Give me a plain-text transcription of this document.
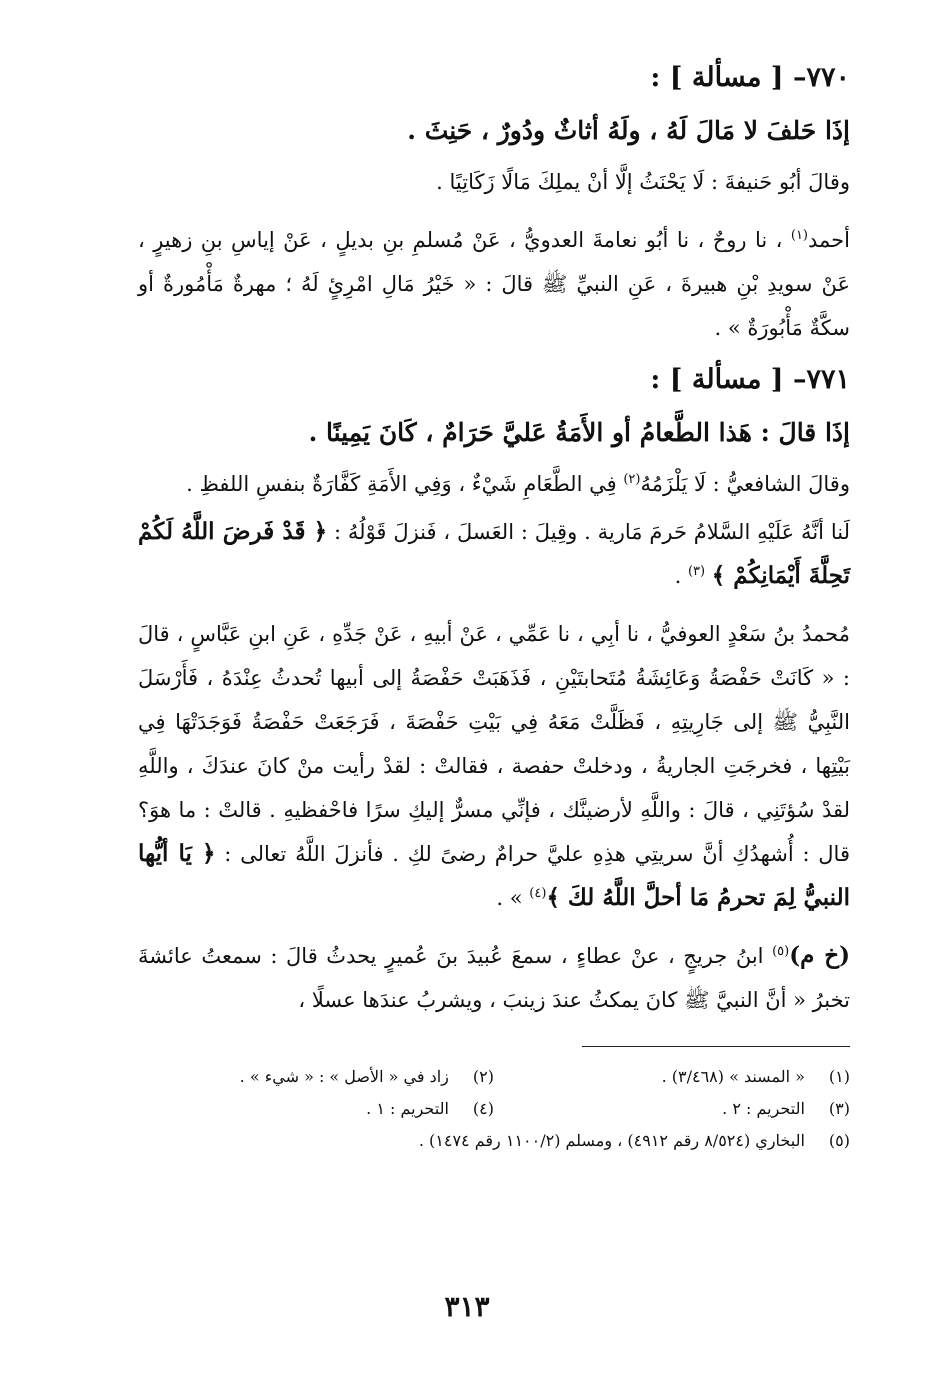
٧٧٠– [ مسألة ] :
إذَا حَلفَ لا مَالَ لَهُ ، ولَهُ أثاثٌ ودُورٌ ، حَنِثَ .
وقالَ أبُو حَنيفةَ : لَا يَحْنَثُ إلَّا أنْ يملِكَ مَالًا زَكَاتِيًا .
أحمد$^{(١)}$ ، نا روحٌ ، نا أبُو نعامةَ العدويُّ ، عَنْ مُسلمِ بنِ بديلٍ ، عَنْ إياسِ بنِ زهيرٍ ، عَنْ سويدِ بْنِ هبيرةَ ، عَنِ النبيِّ ﷺ قالَ : « خَيْرُ مَالِ امْرِئٍ لَهُ ؛ مهرةٌ مَأْمُورةٌ أو سكَّةٌ مَأْبُورَةٌ » .
٧٧١– [ مسألة ] :
إذَا قالَ : هَذا الطَّعامُ أو الأَمَةُ عَليَّ حَرَامٌ ، كَانَ يَمِينًا .
وقالَ الشافعيُّ : لَا يَلْزَمُهُ$^{(٢)}$ فِي الطَّعَامِ شَيْءٌ ، وَفِي الأَمَةِ كَفَّارَةٌ بنفسِ اللفظِ .
لَنا أنَّهُ عَلَيْهِ السَّلامُ حَرمَ مَارية . وقِيلَ : العَسلَ ، فَنزلَ قَوْلُهُ : ﴿ قَدْ فَرضَ اللَّهُ لَكُمْ تَحِلَّةَ أَيْمَانِكُمْ ﴾ $^{(٣)}$ .
مُحمدُ بنُ سَعْدٍ العوفيُّ ، نا أبِي ، نا عَمِّي ، عَنْ أبيهِ ، عَنْ جَدِّهِ ، عَنِ ابنِ عَبَّاسٍ ، قالَ : « كَانَتْ حَفْصَةُ وَعَائِشَةُ مُتَحابتَيْنِ ، فَذَهَبَتْ حَفْصَةُ إلى أبيها تُحدثُ عِنْدَهُ ، فَأَرْسَلَ النَّبِيُّ ﷺ إلى جَارِيتِهِ ، فَظَلَّتْ مَعَهُ فِي بَيْتِ حَفْصَةَ ، فَرَجَعَتْ حَفْصَةُ فَوَجَدَتْهَا فِي بَيْتِها ، فخرجَتِ الجاريةُ ، ودخلتْ حفصة ، فقالتْ : لقدْ رأيت منْ كانَ عندَكَ ، واللَّهِ لقدْ سُؤتَنِي ، قالَ : واللَّهِ لأرضينَّك ، فإنِّي مسرٌّ إليكِ سرًا فاحْفظيهِ . قالتْ : ما هوَ؟ قال : أُشهدُكِ أنَّ سريتِي هذِهِ عليَّ حرامٌ رضىً لكِ . فأنزلَ اللَّهُ تعالى : ﴿ يَا أيُّها النبيُّ لِمَ تحرمُ مَا أحلَّ اللَّهُ لكَ ﴾$^{(٤)}$ » .
(خ م)$^{(٥)}$ ابنُ جريجٍ ، عنْ عطاءٍ ، سمعَ عُبيدَ بنَ عُميرٍ يحدثُ قالَ : سمعتُ عائشةَ تخبرُ « أنَّ النبيَّ ﷺ كانَ يمكثُ عندَ زينبَ ، ويشربُ عندَها عسلًا ،
(١) « المسند » (٣/٤٦٨) .
(٢) زاد في « الأصل » : « شيء » .
(٣) التحريم : ٢ .
(٤) التحريم : ١ .
(٥) البخاري (٨/٥٢٤ رقم ٤٩١٢) ، ومسلم (١١٠٠/٢ رقم ١٤٧٤) .
٣١٣
